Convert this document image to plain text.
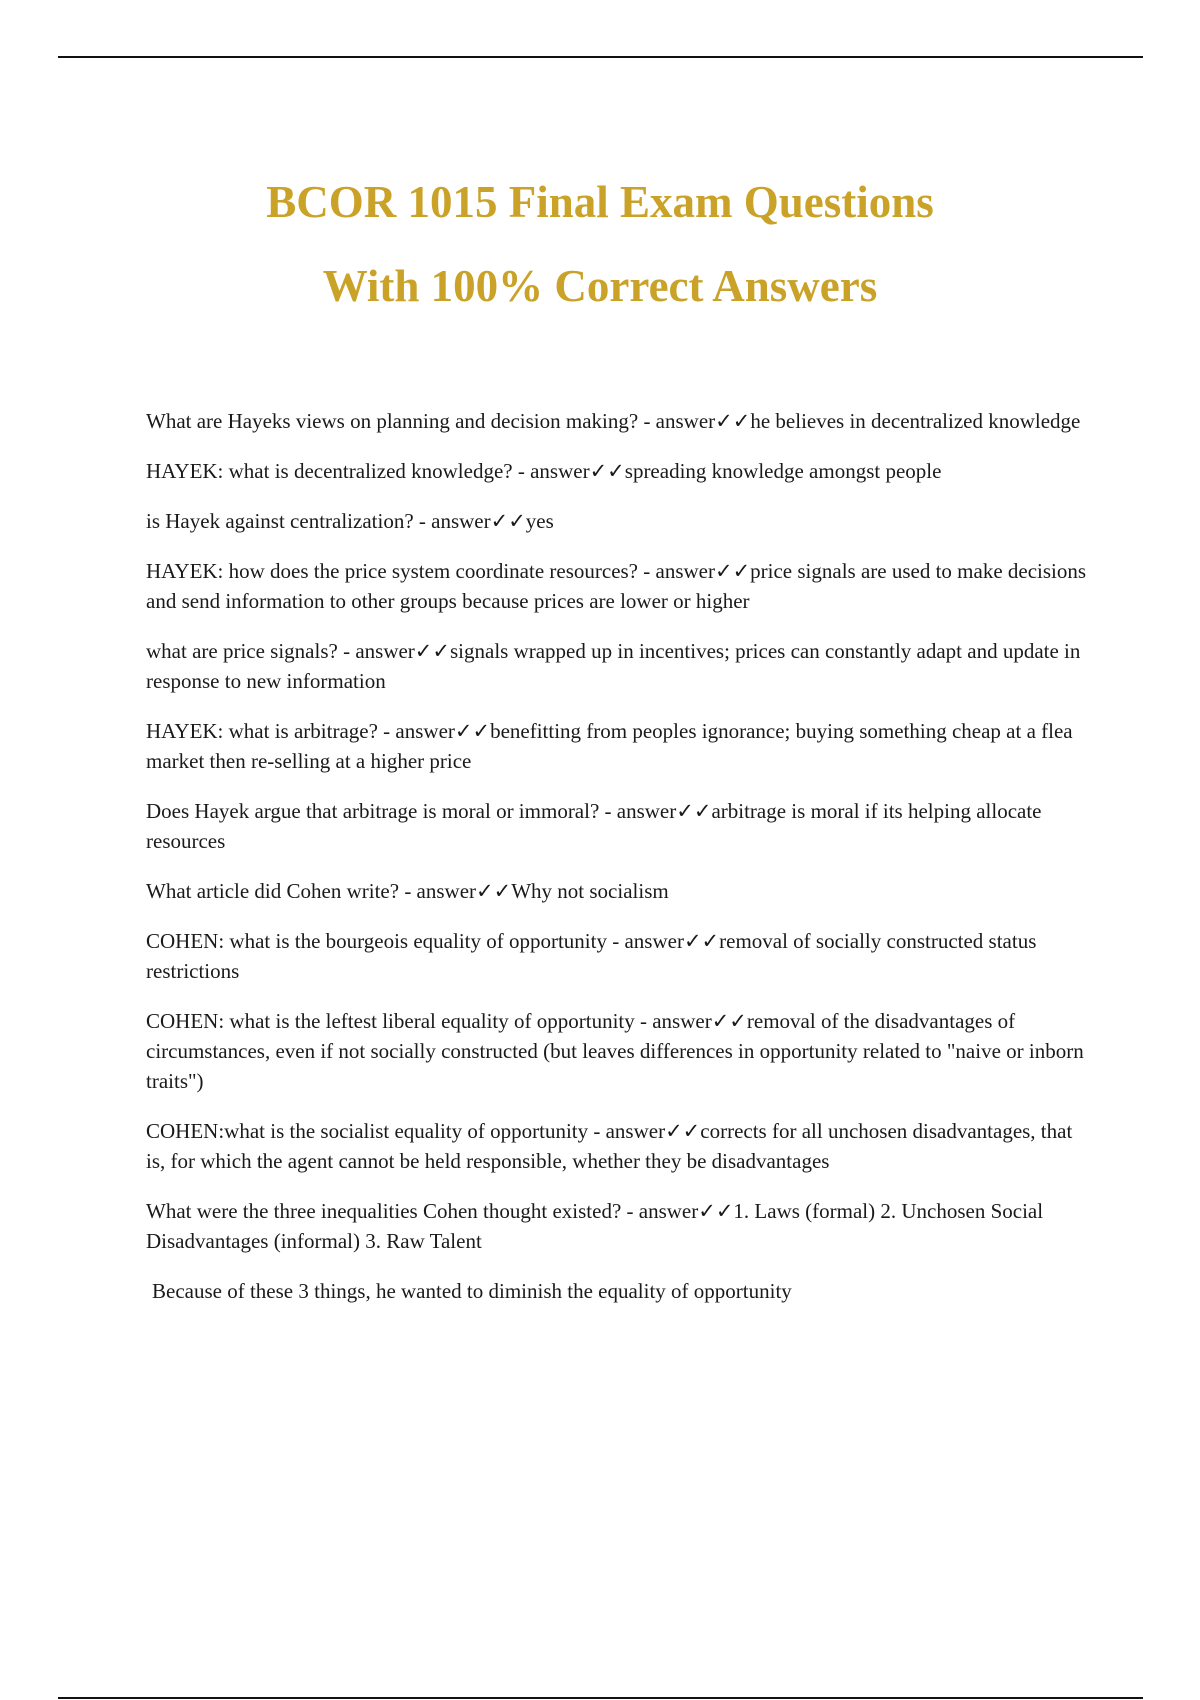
BCOR 1015 Final Exam Questions
With 100% Correct Answers

What are Hayeks views on planning and decision making? - answer✓✓he believes in decentralized knowledge

HAYEK: what is decentralized knowledge? - answer✓✓spreading knowledge amongst people

is Hayek against centralization? - answer✓✓yes

HAYEK: how does the price system coordinate resources? - answer✓✓price signals are used to make decisions and send information to other groups because prices are lower or higher

what are price signals? - answer✓✓signals wrapped up in incentives; prices can constantly adapt and update in response to new information

HAYEK: what is arbitrage? - answer✓✓benefitting from peoples ignorance; buying something cheap at a flea market then re-selling at a higher price

Does Hayek argue that arbitrage is moral or immoral? - answer✓✓arbitrage is moral if its helping allocate resources

What article did Cohen write? - answer✓✓Why not socialism

COHEN: what is the bourgeois equality of opportunity - answer✓✓removal of socially constructed status restrictions

COHEN: what is the leftest liberal equality of opportunity - answer✓✓removal of the disadvantages of circumstances, even if not socially constructed (but leaves differences in opportunity related to "naive or inborn traits")

COHEN:what is the socialist equality of opportunity - answer✓✓corrects for all unchosen disadvantages, that is, for which the agent cannot be held responsible, whether they be disadvantages

What were the three inequalities Cohen thought existed? - answer✓✓1. Laws (formal) 2. Unchosen Social Disadvantages (informal) 3. Raw Talent

Because of these 3 things, he wanted to diminish the equality of opportunity
